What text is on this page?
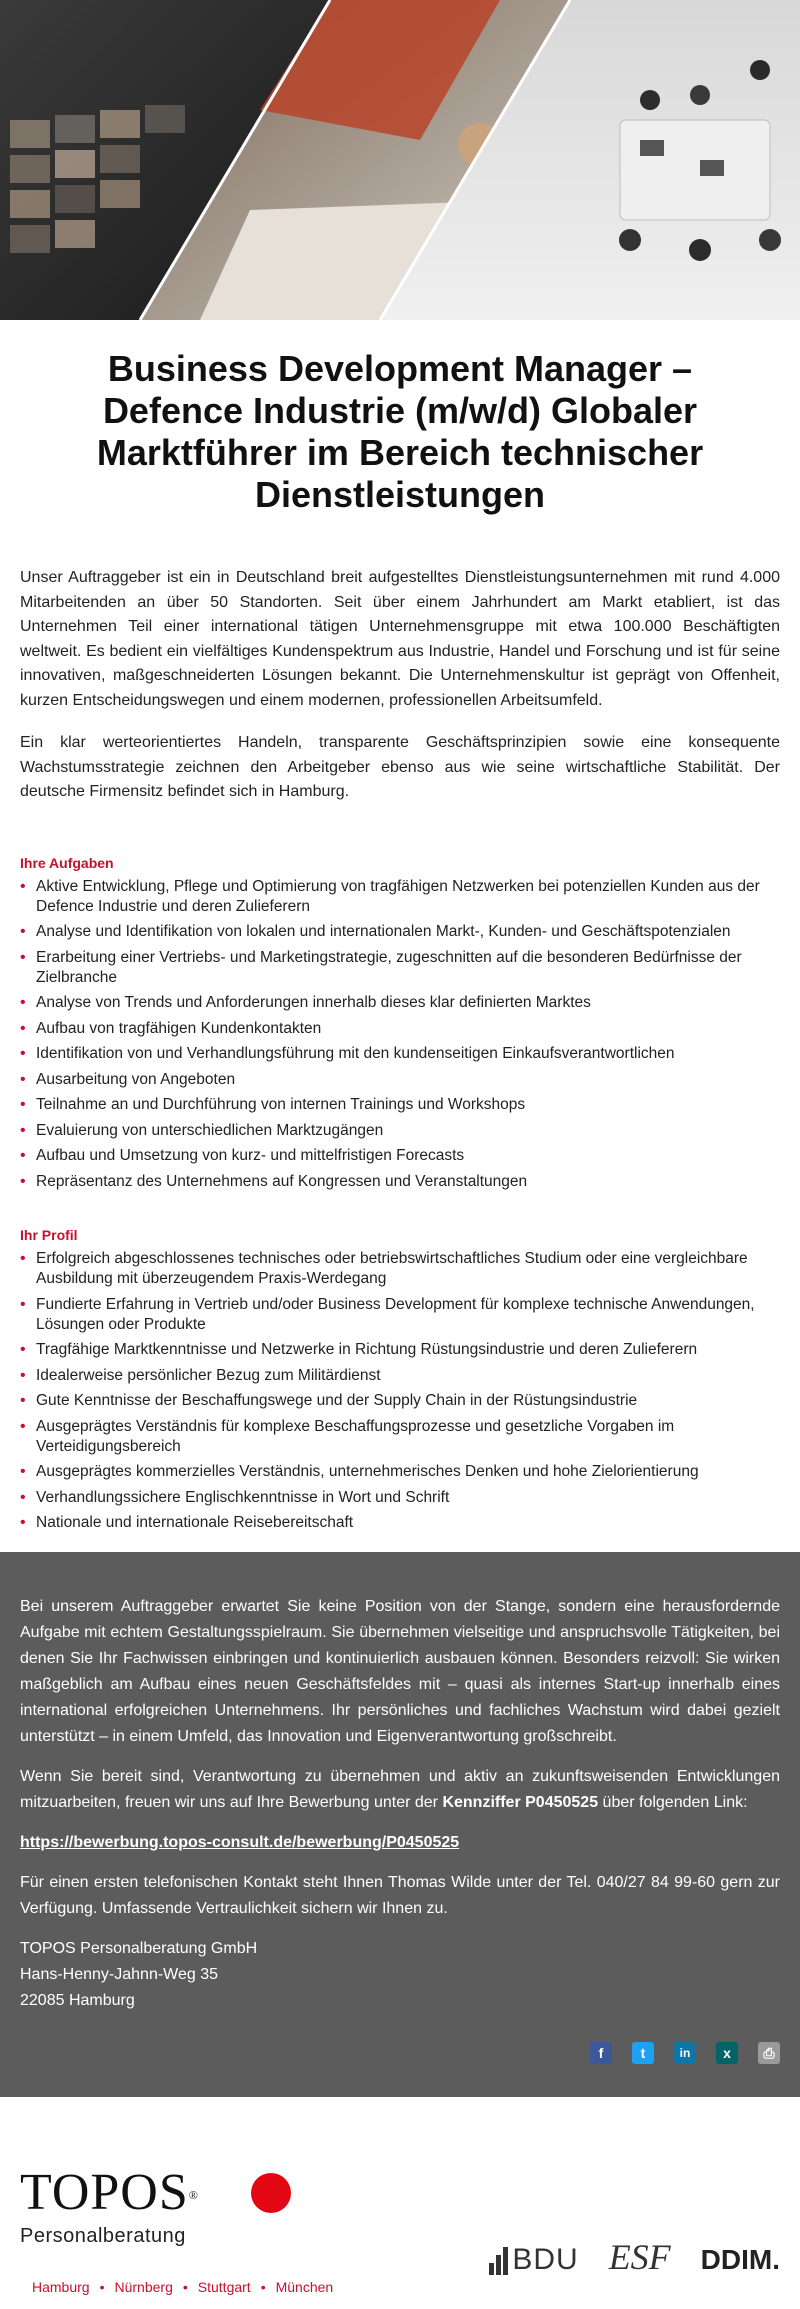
Business Development Manager – Defence Industrie (m/w/d) Globaler Marktführer im Bereich technischer Dienstleistungen

Unser Auftraggeber ist ein in Deutschland breit aufgestelltes Dienstleistungsunternehmen mit rund 4.000 Mitarbeitenden an über 50 Standorten. Seit über einem Jahrhundert am Markt etabliert, ist das Unternehmen Teil einer international tätigen Unternehmensgruppe mit etwa 100.000 Beschäftigten weltweit. Es bedient ein vielfältiges Kundenspektrum aus Industrie, Handel und Forschung und ist für seine innovativen, maßgeschneiderten Lösungen bekannt. Die Unternehmenskultur ist geprägt von Offenheit, kurzen Entscheidungswegen und einem modernen, professionellen Arbeitsumfeld.

Ein klar werteorientiertes Handeln, transparente Geschäftsprinzipien sowie eine konsequente Wachstumsstrategie zeichnen den Arbeitgeber ebenso aus wie seine wirtschaftliche Stabilität. Der deutsche Firmensitz befindet sich in Hamburg.

Ihre Aufgaben
• Aktive Entwicklung, Pflege und Optimierung von tragfähigen Netzwerken bei potenziellen Kunden aus der Defence Industrie und deren Zulieferern
• Analyse und Identifikation von lokalen und internationalen Markt-, Kunden- und Geschäftspotenzialen
• Erarbeitung einer Vertriebs- und Marketingstrategie, zugeschnitten auf die besonderen Bedürfnisse der Zielbranche
• Analyse von Trends und Anforderungen innerhalb dieses klar definierten Marktes
• Aufbau von tragfähigen Kundenkontakten
• Identifikation von und Verhandlungsführung mit den kundenseitigen Einkaufsverantwortlichen
• Ausarbeitung von Angeboten
• Teilnahme an und Durchführung von internen Trainings und Workshops
• Evaluierung von unterschiedlichen Marktzugängen
• Aufbau und Umsetzung von kurz- und mittelfristigen Forecasts
• Repräsentanz des Unternehmens auf Kongressen und Veranstaltungen
Ihr Profil
• Erfolgreich abgeschlossenes technisches oder betriebswirtschaftliches Studium oder eine vergleichbare Ausbildung mit überzeugendem Praxis-Werdegang
• Fundierte Erfahrung in Vertrieb und/oder Business Development für komplexe technische Anwendungen, Lösungen oder Produkte
• Tragfähige Marktkenntnisse und Netzwerke in Richtung Rüstungsindustrie und deren Zulieferern
• Idealerweise persönlicher Bezug zum Militärdienst
• Gute Kenntnisse der Beschaffungswege und der Supply Chain in der Rüstungsindustrie
• Ausgeprägtes Verständnis für komplexe Beschaffungsprozesse und gesetzliche Vorgaben im Verteidigungsbereich
• Ausgeprägtes kommerzielles Verständnis, unternehmerisches Denken und hohe Zielorientierung
• Verhandlungssichere Englischkenntnisse in Wort und Schrift
• Nationale und internationale Reisebereitschaft

Bei unserem Auftraggeber erwartet Sie keine Position von der Stange, sondern eine herausfordernde Aufgabe mit echtem Gestaltungsspielraum. Sie übernehmen vielseitige und anspruchsvolle Tätigkeiten, bei denen Sie Ihr Fachwissen einbringen und kontinuierlich ausbauen können. Besonders reizvoll: Sie wirken maßgeblich am Aufbau eines neuen Geschäftsfeldes mit – quasi als internes Start-up innerhalb eines international erfolgreichen Unternehmens. Ihr persönliches und fachliches Wachstum wird dabei gezielt unterstützt – in einem Umfeld, das Innovation und Eigenverantwortung großschreibt.

Wenn Sie bereit sind, Verantwortung zu übernehmen und aktiv an zukunftsweisenden Entwicklungen mitzuarbeiten, freuen wir uns auf Ihre Bewerbung unter der Kennziffer P0450525 über folgenden Link:

https://bewerbung.topos-consult.de/bewerbung/P0450525

Für einen ersten telefonischen Kontakt steht Ihnen Thomas Wilde unter der Tel. 040/27 84 99-60 gern zur Verfügung. Umfassende Vertraulichkeit sichern wir Ihnen zu.

TOPOS Personalberatung GmbH

Hans-Henny-Jahnn-Weg 35

22085 Hamburg

f	t	in	x	⎙
TOPOS®
Personalberatung
Hamburg • Nürnberg • Stuttgart • München
BDU ESF DDIM.
